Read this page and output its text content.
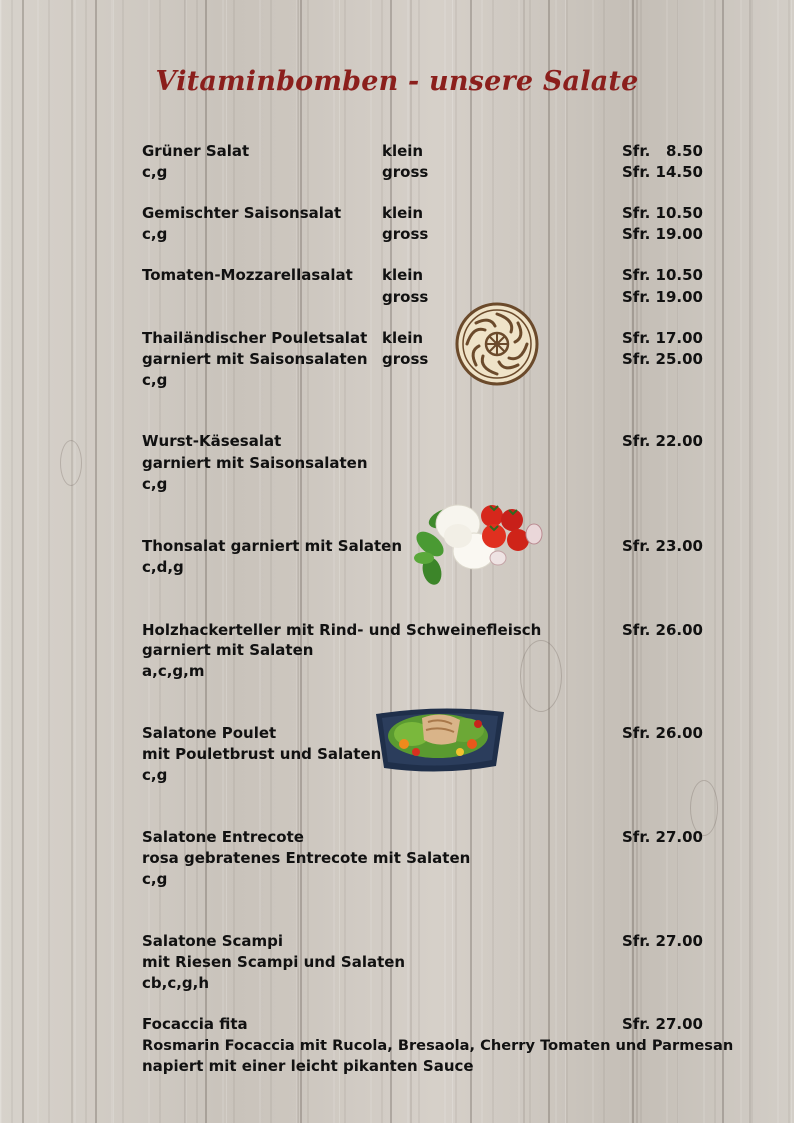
Vitaminbomben - unsere Salate
Grüner Salat
c,g
klein
gross
Sfr.   8.50
Sfr. 14.50
Gemischter Saisonsalat
c,g
klein
gross
Sfr. 10.50
Sfr. 19.00
Tomaten-Mozzarellasalat klein
gross
Sfr. 10.50
Sfr. 19.00
Thailändischer Pouletsalat
garniert mit Saisonsalaten
c,g
klein
gross
Sfr. 17.00
Sfr. 25.00
Wurst-Käsesalat
garniert mit Saisonsalaten
c,g
Sfr. 22.00
Thonsalat garniert mit Salaten
c,d,g
Sfr. 23.00
Holzhackerteller mit Rind- und Schweinefleisch
garniert mit Salaten
a,c,g,m
Sfr. 26.00
Salatone Poulet
mit Pouletbrust und Salaten
c,g
Sfr. 26.00
Salatone Entrecote
rosa gebratenes Entrecote mit Salaten
c,g
Sfr. 27.00
Salatone Scampi
mit Riesen Scampi und Salaten
cb,c,g,h
Sfr. 27.00
Focaccia fita
Rosmarin Focaccia mit Rucola, Bresaola, Cherry Tomaten und Parmesan
napiert mit einer leicht pikanten Sauce
Sfr. 27.00
